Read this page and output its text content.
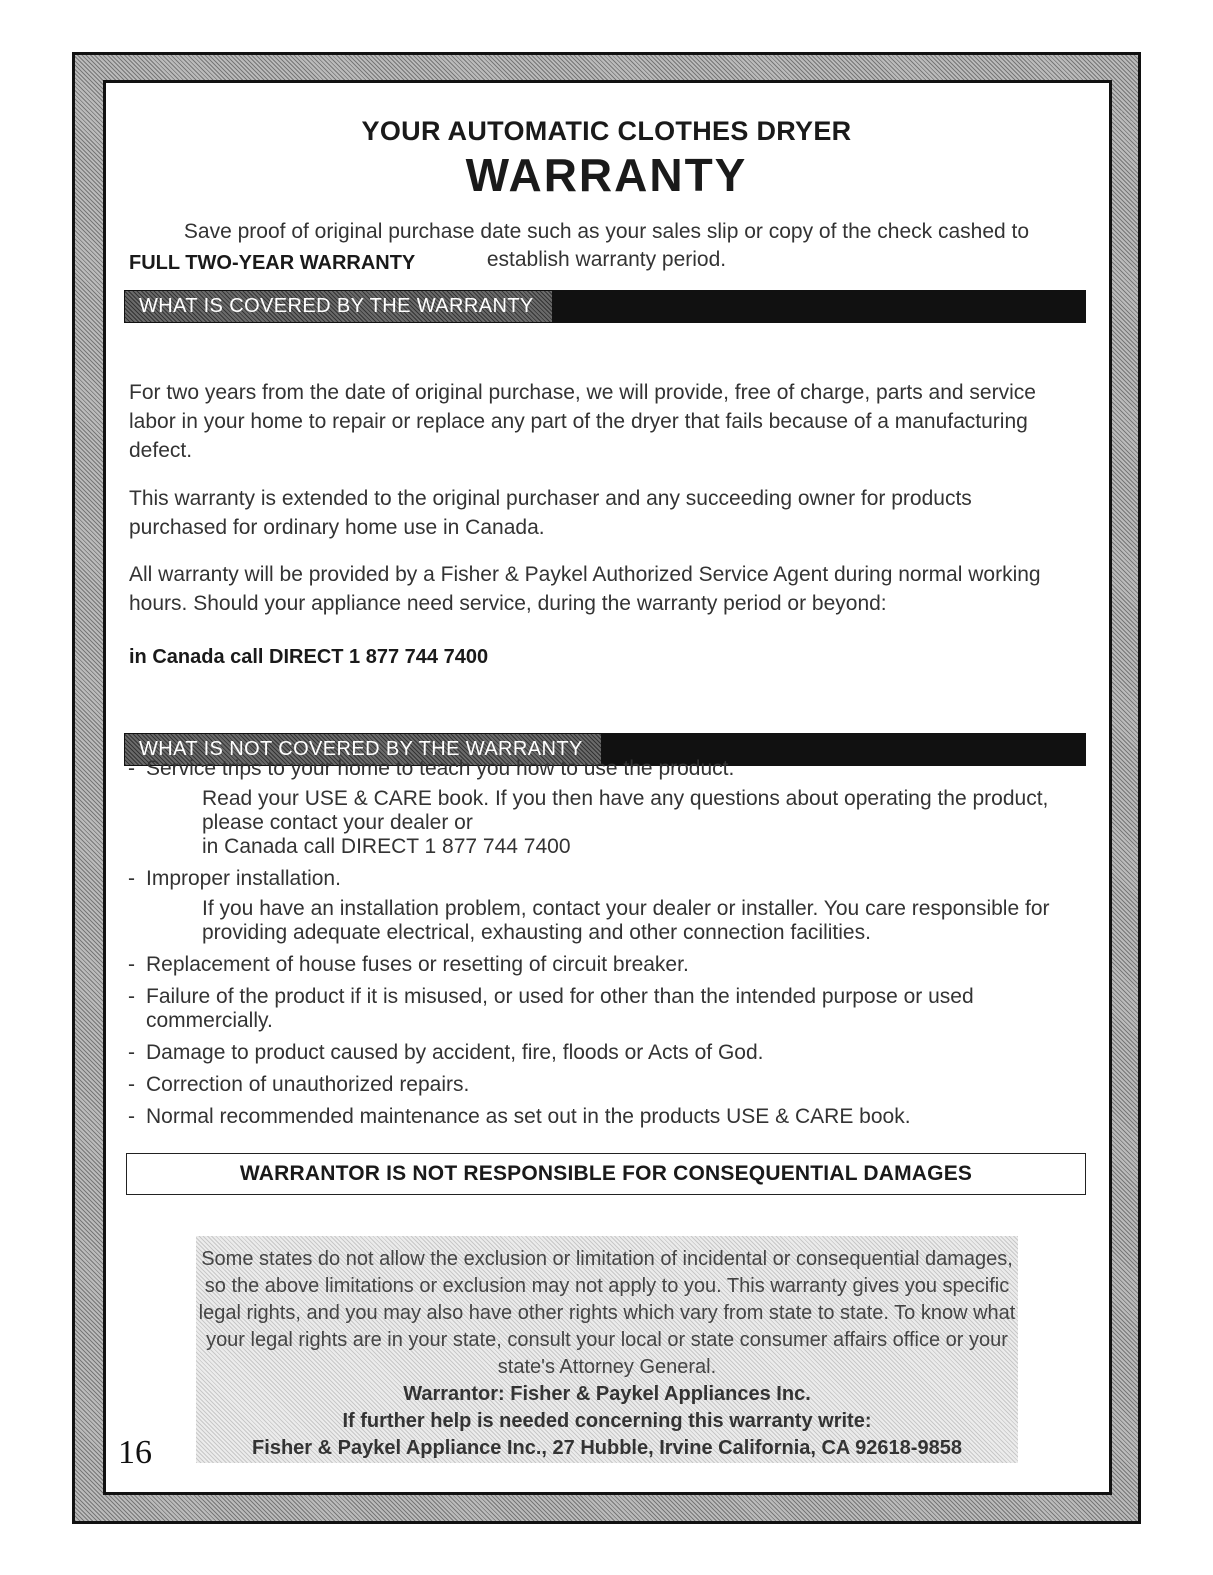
YOUR AUTOMATIC CLOTHES DRYER
WARRANTY
Save proof of original purchase date such as your sales slip or copy of the check cashed to establish warranty period.
WHAT IS COVERED BY THE WARRANTY
FULL TWO-YEAR WARRANTY
For two years from the date of original purchase, we will provide, free of charge, parts and service labor in your home to repair or replace any part of the dryer that fails because of a manufacturing defect.
This warranty is extended to the original purchaser and any succeeding owner for products purchased for ordinary home use in Canada.
All warranty will be provided by a Fisher & Paykel Authorized Service Agent during normal working hours. Should your appliance need service, during the warranty period or beyond:
in Canada call DIRECT 1 877 744 7400
WHAT IS NOT COVERED BY THE WARRANTY
- Service trips to your home to teach you how to use the product.
Read your USE & CARE book. If you then have any questions about operating the product, please contact your dealer or
in Canada call DIRECT 1 877 744 7400
- Improper installation.
If you have an installation problem, contact your dealer or installer. You care responsible for providing adequate electrical, exhausting and other connection facilities.
- Replacement of house fuses or resetting of circuit breaker.
- Failure of the product if it is misused, or used for other than the intended purpose or used commercially.
- Damage to product caused by accident, fire, floods or Acts of God.
- Correction of unauthorized repairs.
- Normal recommended maintenance as set out in the products USE & CARE book.
WARRANTOR IS NOT RESPONSIBLE FOR CONSEQUENTIAL DAMAGES
Some states do not allow the exclusion or limitation of incidental or consequential damages, so the above limitations or exclusion may not apply to you. This warranty gives you specific legal rights, and you may also have other rights which vary from state to state. To know what your legal rights are in your state, consult your local or state consumer affairs office or your state's Attorney General.
Warrantor: Fisher & Paykel Appliances Inc.
If further help is needed concerning this warranty write:
Fisher & Paykel Appliance Inc., 27 Hubble, Irvine California, CA 92618-9858
16
